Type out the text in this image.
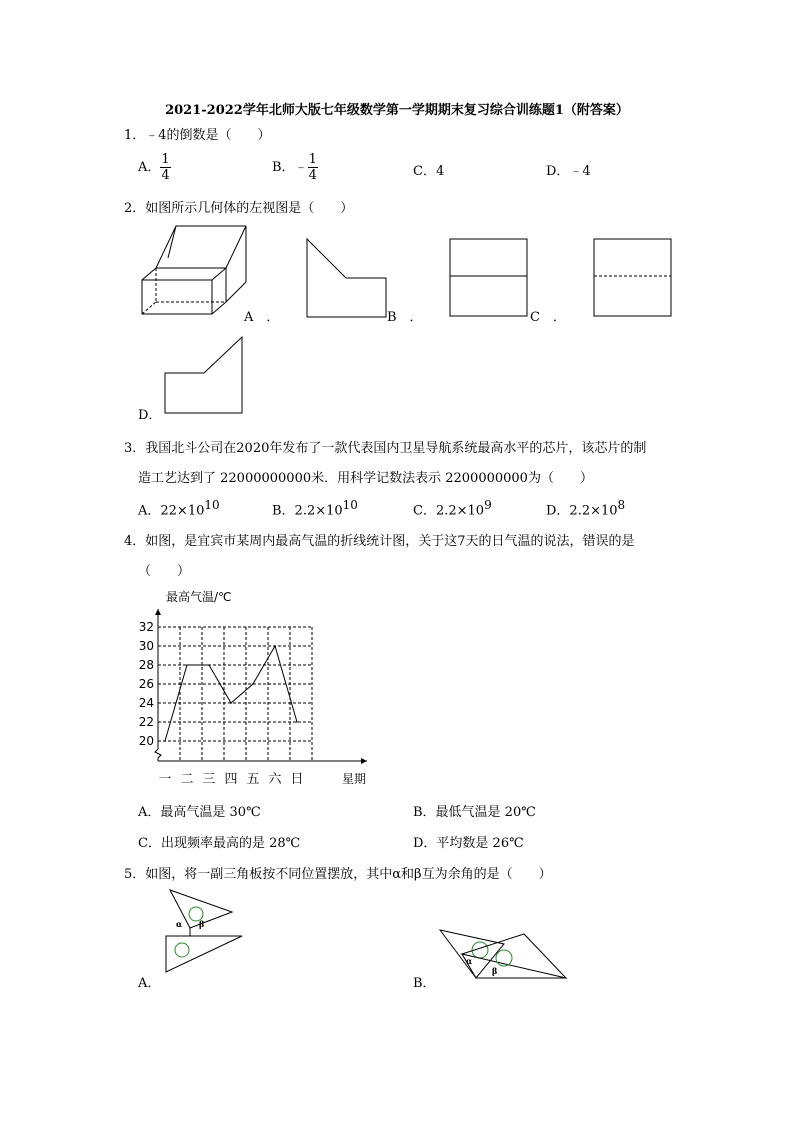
2021-2022学年北师大版七年级数学第一学期期末复习综合训练题1（附答案）
1．﹣4的倒数是（　　）
A． $\frac{1}{4}$	B．﹣ $\frac{1}{4}$	C．4	D．﹣4
2．如图所示几何体的左视图是（　　）
A　．	B　．	C　．
D．
3．我国北斗公司在2020年发布了一款代表国内卫星导航系统最高水平的芯片，该芯片的制
造工艺达到了 22000000000米．用科学记数法表示 2200000000为（　　）
A．$22\times 10^{10}$	B．$2.2\times 10^{10}$	C．$2.2\times 10^9$	D．$2.2\times 10^8$
4．如图，是宜宾市某周内最高气温的折线统计图，关于这7天的日气温的说法，错误的是
（　　）
20
22
24
26
28
30
32
最高气温/℃
星期
一 二 三 四 五 六 日
A．最高气温是 30℃	B．最低气温是 20℃
C．出现频率最高的是 28℃	D．平均数是 26℃
5．如图，将一副三角板按不同位置摆放，其中α和β互为余角的是（　　）
α β
A．
α
β
B．
